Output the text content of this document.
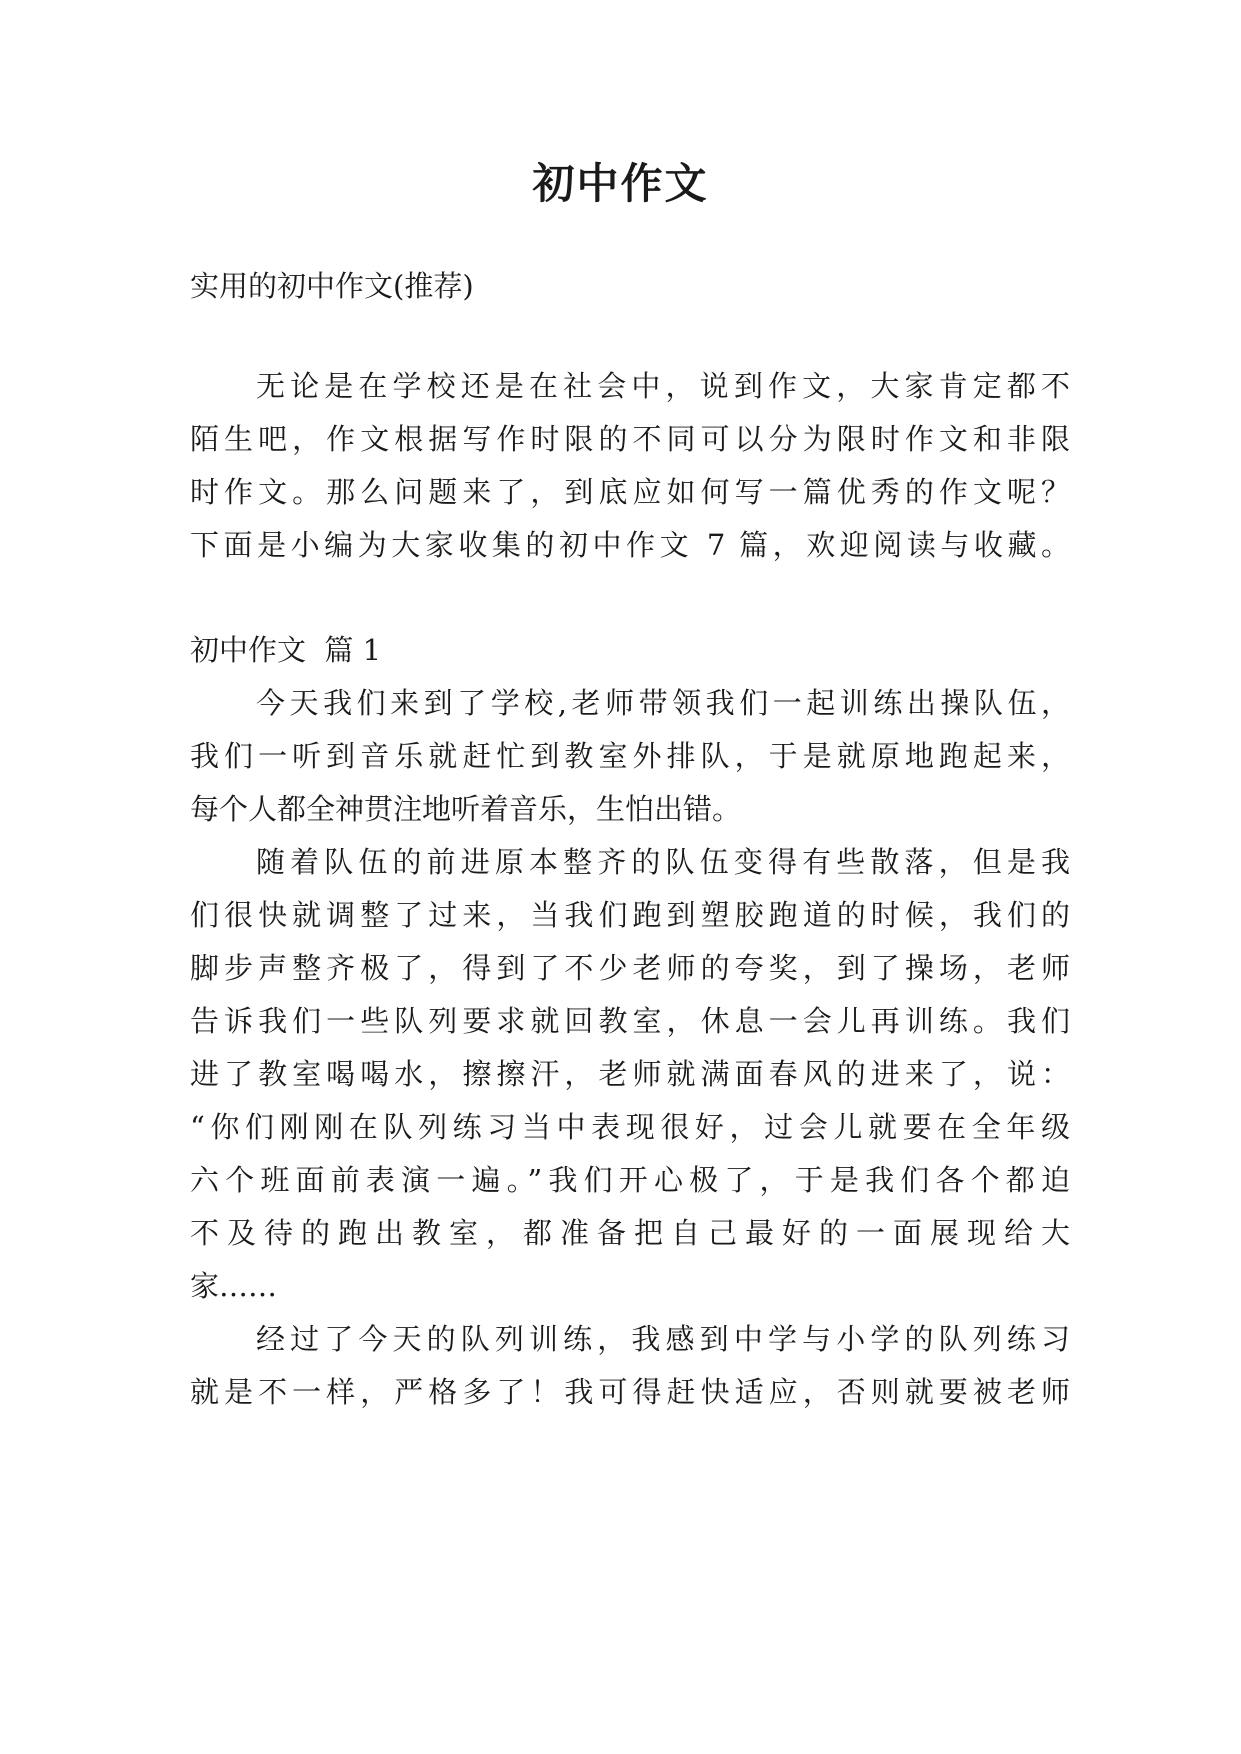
初中作文

实用的初中作文(推荐)

无论是在学校还是在社会中，说到作文，大家肯定都不

陌生吧，作文根据写作时限的不同可以分为限时作文和非限

时作文。那么问题来了，到底应如何写一篇优秀的作文呢？

下面是小编为大家收集的初中作文 7 篇，欢迎阅读与收藏。

初中作文  篇 1

今天我们来到了学校,老师带领我们一起训练出操队伍，

我们一听到音乐就赶忙到教室外排队，于是就原地跑起来，

每个人都全神贯注地听着音乐，生怕出错。

随着队伍的前进原本整齐的队伍变得有些散落，但是我

们很快就调整了过来，当我们跑到塑胶跑道的时候，我们的

脚步声整齐极了，得到了不少老师的夸奖，到了操场，老师

告诉我们一些队列要求就回教室，休息一会儿再训练。我们

进了教室喝喝水，擦擦汗，老师就满面春风的进来了，说：

“你们刚刚在队列练习当中表现很好，过会儿就要在全年级

六个班面前表演一遍。”我们开心极了，于是我们各个都迫

不及待的跑出教室，都准备把自己最好的一面展现给大

家……

经过了今天的队列训练，我感到中学与小学的队列练习

就是不一样，严格多了！我可得赶快适应，否则就要被老师
